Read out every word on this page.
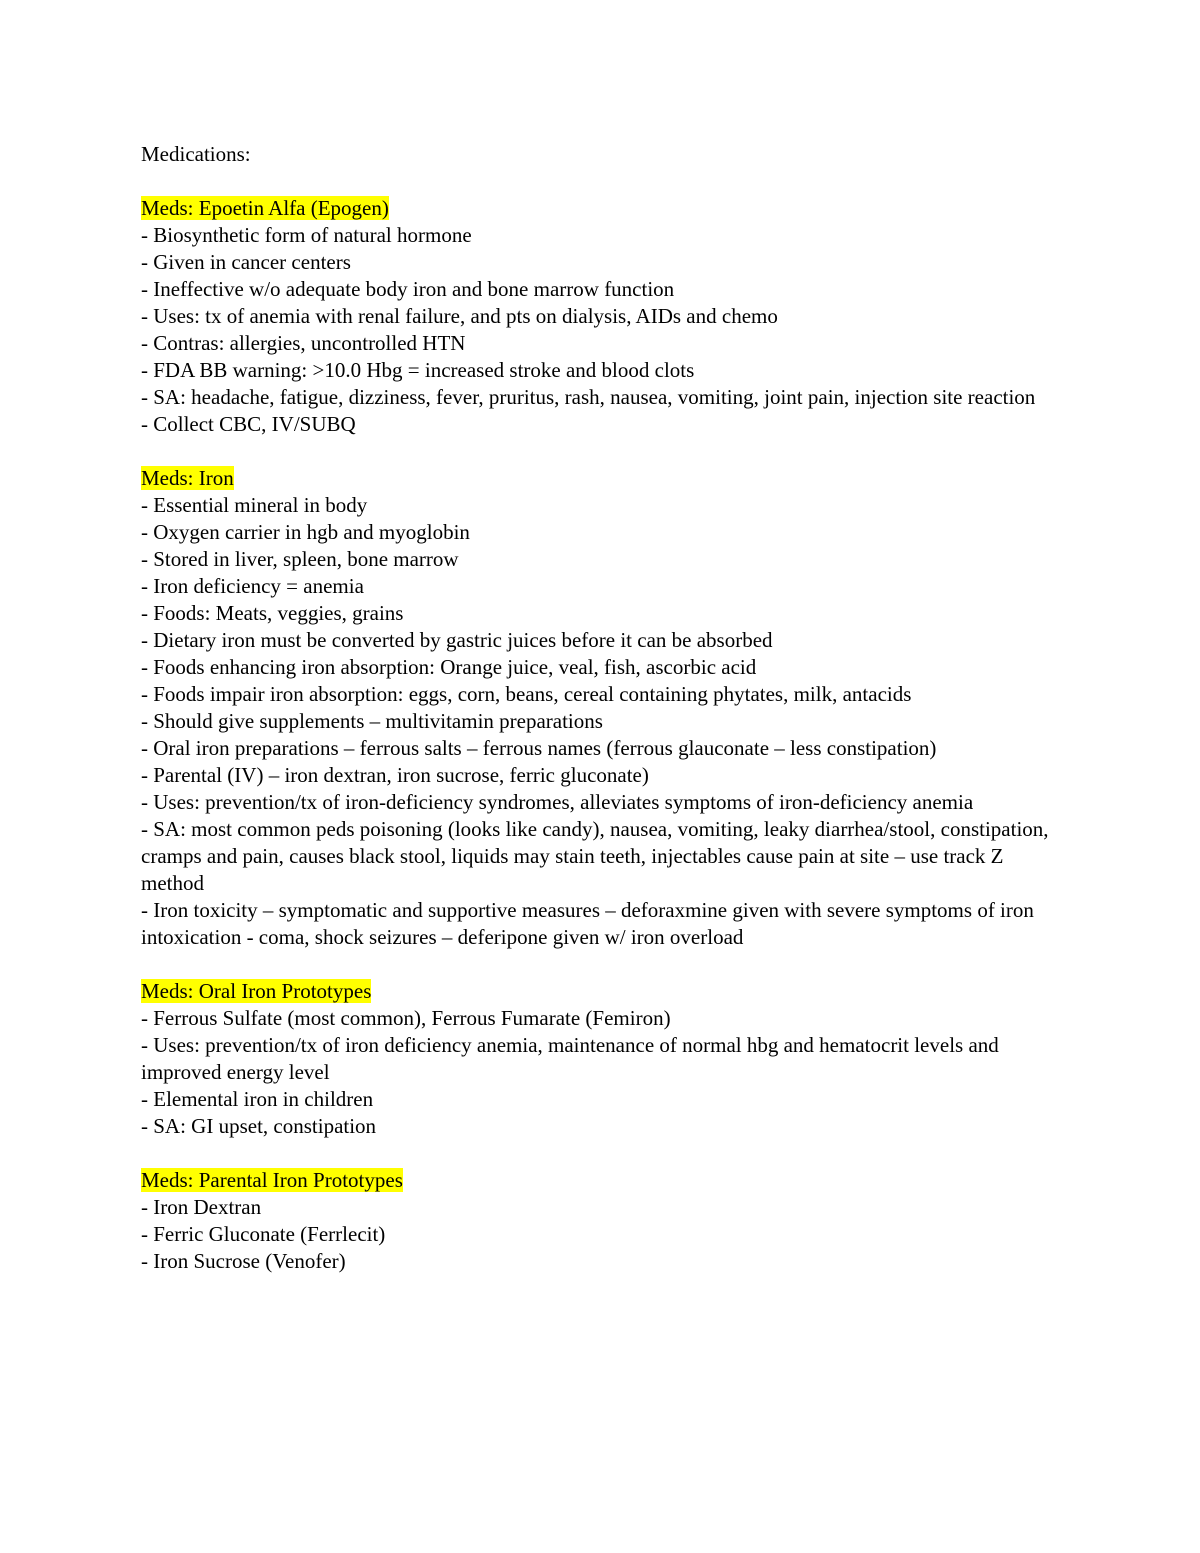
Medications:

Meds: Epoetin Alfa (Epogen)

- Biosynthetic form of natural hormone
- Given in cancer centers
- Ineffective w/o adequate body iron and bone marrow function
- Uses: tx of anemia with renal failure, and pts on dialysis, AIDs and chemo
- Contras: allergies, uncontrolled HTN
- FDA BB warning: >10.0 Hbg = increased stroke and blood clots
- SA: headache, fatigue, dizziness, fever, pruritus, rash, nausea, vomiting, joint pain, injection site reaction
- Collect CBC, IV/SUBQ

Meds: Iron

- Essential mineral in body
- Oxygen carrier in hgb and myoglobin
- Stored in liver, spleen, bone marrow
- Iron deficiency = anemia
- Foods: Meats, veggies, grains
- Dietary iron must be converted by gastric juices before it can be absorbed
- Foods enhancing iron absorption: Orange juice, veal, fish, ascorbic acid
- Foods impair iron absorption: eggs, corn, beans, cereal containing phytates, milk, antacids
- Should give supplements – multivitamin preparations
- Oral iron preparations – ferrous salts – ferrous names (ferrous glauconate – less constipation)
- Parental (IV) – iron dextran, iron sucrose, ferric gluconate)
- Uses: prevention/tx of iron-deficiency syndromes, alleviates symptoms of iron-deficiency anemia
- SA: most common peds poisoning (looks like candy), nausea, vomiting, leaky diarrhea/stool, constipation, cramps and pain, causes black stool, liquids may stain teeth, injectables cause pain at site – use track Z method
- Iron toxicity – symptomatic and supportive measures – deforaxmine given with severe symptoms of iron intoxication - coma, shock seizures – deferipone given w/ iron overload

Meds: Oral Iron Prototypes

- Ferrous Sulfate (most common), Ferrous Fumarate (Femiron)
- Uses: prevention/tx of iron deficiency anemia, maintenance of normal hbg and hematocrit levels and improved energy level
- Elemental iron in children
- SA: GI upset, constipation

Meds: Parental Iron Prototypes

- Iron Dextran
- Ferric Gluconate (Ferrlecit)
- Iron Sucrose (Venofer)
